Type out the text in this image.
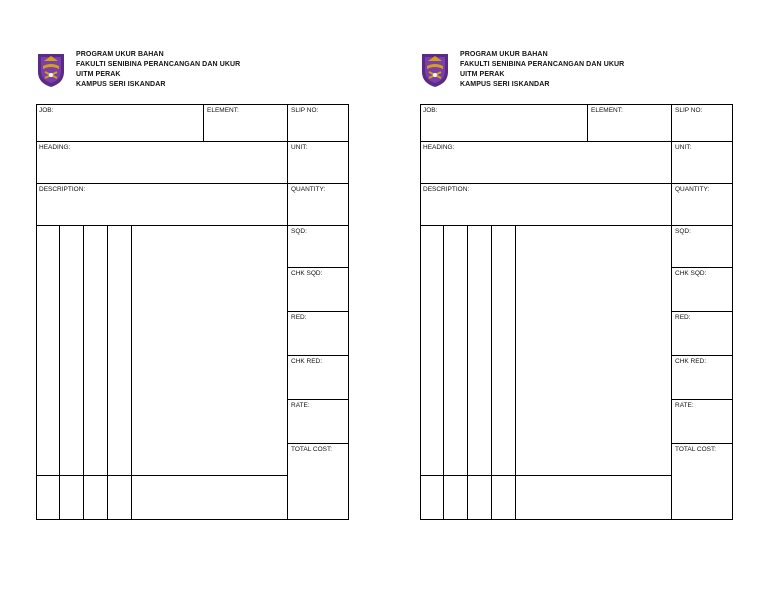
PROGRAM UKUR BAHAN
FAKULTI SENIBINA PERANCANGAN DAN UKUR
UITM PERAK
KAMPUS SERI ISKANDAR
JOB:	ELEMENT:	SLIP NO:
HEADING:	UNIT:
DESCRIPTION:	QUANTITY:
SQD:
CHK SQD:
RED:
CHK RED:
RATE:
TOTAL COST:
PROGRAM UKUR BAHAN
FAKULTI SENIBINA PERANCANGAN DAN UKUR
UITM PERAK
KAMPUS SERI ISKANDAR
JOB:	ELEMENT:	SLIP NO:
HEADING:	UNIT:
DESCRIPTION:	QUANTITY:
SQD:
CHK SQD:
RED:
CHK RED:
RATE:
TOTAL COST:
